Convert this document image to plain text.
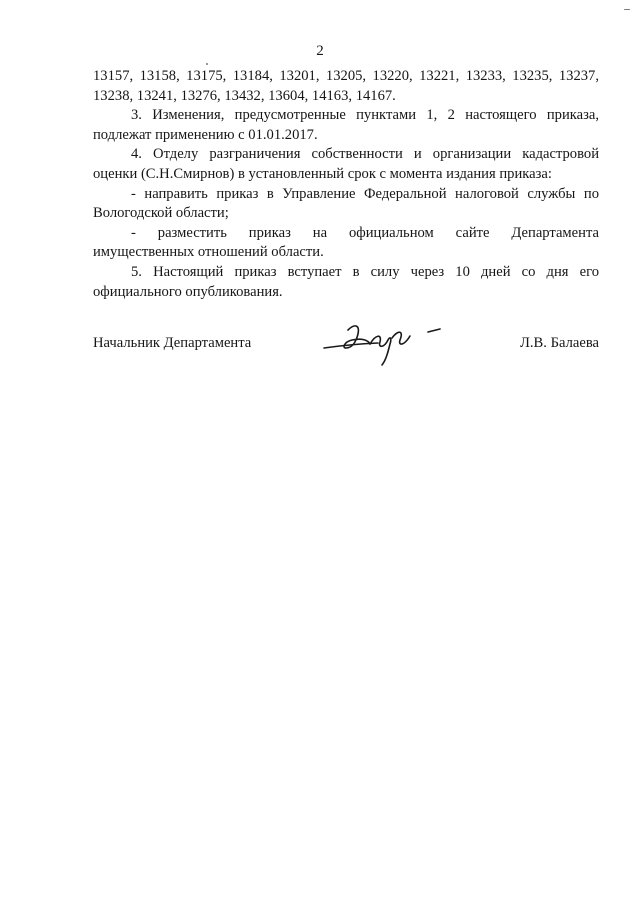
2

13157, 13158, 13175, 13184, 13201, 13205, 13220, 13221, 13233, 13235, 13237,

13238, 13241, 13276, 13432, 13604, 14163, 14167.

3. Изменения, предусмотренные пунктами 1, 2 настоящего приказа, подлежат применению с 01.01.2017.

4. Отделу разграничения собственности и организации кадастровой оценки (С.Н.Смирнов) в установленный срок с момента издания приказа:

- направить приказ в Управление Федеральной налоговой службы по Вологодской области;

- разместить приказ на официальном сайте Департамента

имущественных отношений области.

5. Настоящий приказ вступает в силу через 10 дней со дня его официального опубликования.

Начальник Департамента	Л.В. Балаева
